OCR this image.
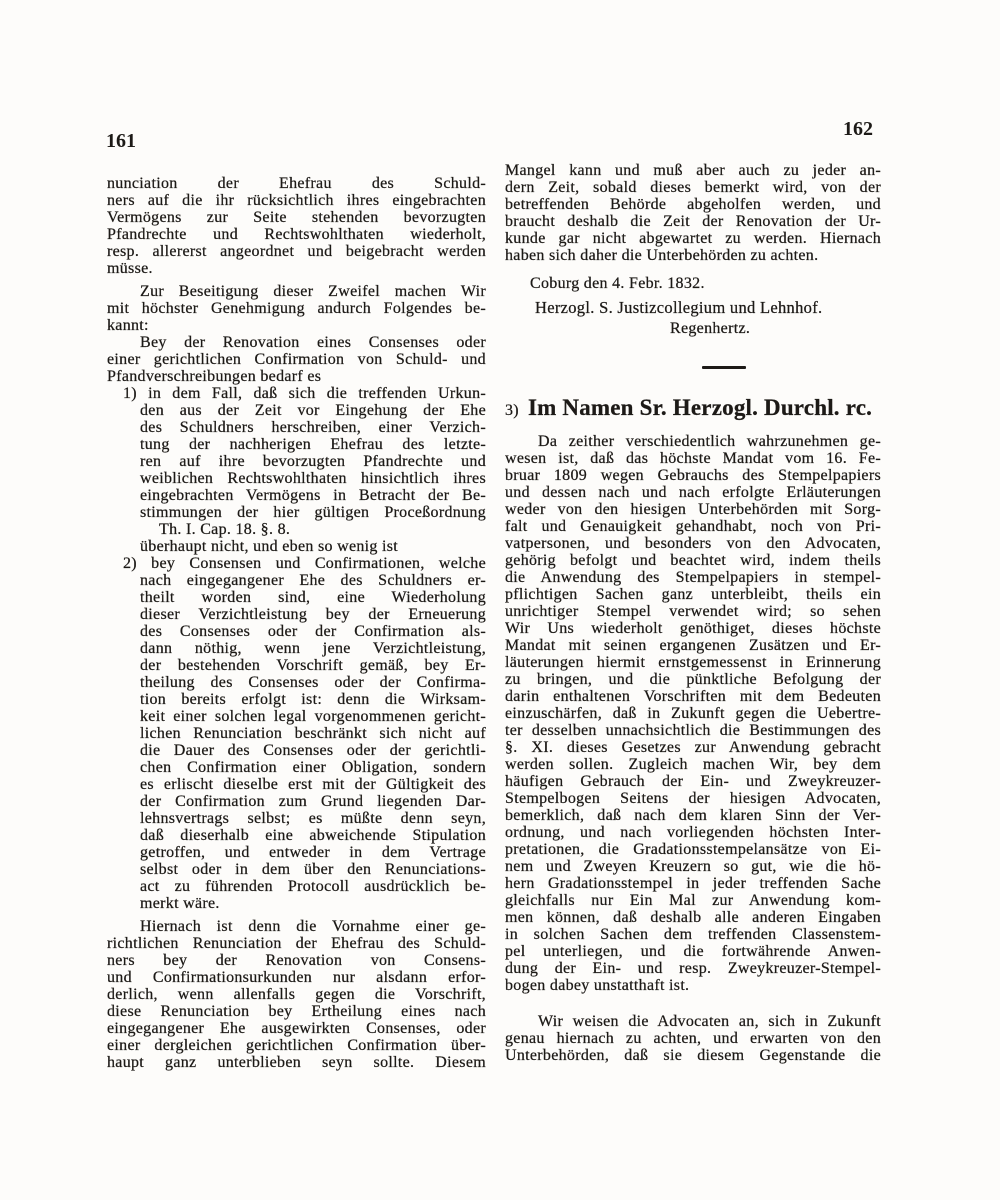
161
162
nunciation der Ehefrau des Schuld-
ners auf die ihr rücksichtlich ihres eingebrachten
Vermögens zur Seite stehenden bevorzugten
Pfandrechte und Rechtswohlthaten wiederholt,
resp. allererst angeordnet und beigebracht werden
müsse.
Zur Beseitigung dieser Zweifel machen Wir
mit höchster Genehmigung andurch Folgendes be-
kannt:
Bey der Renovation eines Consenses oder
einer gerichtlichen Confirmation von Schuld- und
Pfandverschreibungen bedarf es
1) in dem Fall, daß sich die treffenden Urkun-
den aus der Zeit vor Eingehung der Ehe
des Schuldners herschreiben, einer Verzich-
tung der nachherigen Ehefrau des letzte-
ren auf ihre bevorzugten Pfandrechte und
weiblichen Rechtswohlthaten hinsichtlich ihres
eingebrachten Vermögens in Betracht der Be-
stimmungen der hier gültigen Proceßordnung
Th. I. Cap. 18. §. 8.
überhaupt nicht, und eben so wenig ist
2) bey Consensen und Confirmationen, welche
nach eingegangener Ehe des Schuldners er-
theilt worden sind, eine Wiederholung
dieser Verzichtleistung bey der Erneuerung
des Consenses oder der Confirmation als-
dann nöthig, wenn jene Verzichtleistung,
der bestehenden Vorschrift gemäß, bey Er-
theilung des Consenses oder der Confirma-
tion bereits erfolgt ist: denn die Wirksam-
keit einer solchen legal vorgenommenen gericht-
lichen Renunciation beschränkt sich nicht auf
die Dauer des Consenses oder der gerichtli-
chen Confirmation einer Obligation, sondern
es erlischt dieselbe erst mit der Gültigkeit des
der Confirmation zum Grund liegenden Dar-
lehnsvertrags selbst; es müßte denn seyn,
daß dieserhalb eine abweichende Stipulation
getroffen, und entweder in dem Vertrage
selbst oder in dem über den Renunciations-
act zu führenden Protocoll ausdrücklich be-
merkt wäre.
Hiernach ist denn die Vornahme einer ge-
richtlichen Renunciation der Ehefrau des Schuld-
ners bey der Renovation von Consens-
und Confirmationsurkunden nur alsdann erfor-
derlich, wenn allenfalls gegen die Vorschrift,
diese Renunciation bey Ertheilung eines nach
eingegangener Ehe ausgewirkten Consenses, oder
einer dergleichen gerichtlichen Confirmation über-
haupt ganz unterblieben seyn sollte. Diesem
Mangel kann und muß aber auch zu jeder an-
dern Zeit, sobald dieses bemerkt wird, von der
betreffenden Behörde abgeholfen werden, und
braucht deshalb die Zeit der Renovation der Ur-
kunde gar nicht abgewartet zu werden. Hiernach
haben sich daher die Unterbehörden zu achten.
Coburg den 4. Febr. 1832.
Herzogl. S. Justizcollegium und Lehnhof.
Regenhertz.
3) Im Namen Sr. Herzogl. Durchl. rc.
Da zeither verschiedentlich wahrzunehmen ge-
wesen ist, daß das höchste Mandat vom 16. Fe-
bruar 1809 wegen Gebrauchs des Stempelpapiers
und dessen nach und nach erfolgte Erläuterungen
weder von den hiesigen Unterbehörden mit Sorg-
falt und Genauigkeit gehandhabt, noch von Pri-
vatpersonen, und besonders von den Advocaten,
gehörig befolgt und beachtet wird, indem theils
die Anwendung des Stempelpapiers in stempel-
pflichtigen Sachen ganz unterbleibt, theils ein
unrichtiger Stempel verwendet wird; so sehen
Wir Uns wiederholt genöthiget, dieses höchste
Mandat mit seinen ergangenen Zusätzen und Er-
läuterungen hiermit ernstgemessenst in Erinnerung
zu bringen, und die pünktliche Befolgung der
darin enthaltenen Vorschriften mit dem Bedeuten
einzuschärfen, daß in Zukunft gegen die Uebertre-
ter desselben unnachsichtlich die Bestimmungen des
§. XI. dieses Gesetzes zur Anwendung gebracht
werden sollen. Zugleich machen Wir, bey dem
häufigen Gebrauch der Ein- und Zweykreuzer-
Stempelbogen Seitens der hiesigen Advocaten,
bemerklich, daß nach dem klaren Sinn der Ver-
ordnung, und nach vorliegenden höchsten Inter-
pretationen, die Gradationsstempelansätze von Ei-
nem und Zweyen Kreuzern so gut, wie die hö-
hern Gradationsstempel in jeder treffenden Sache
gleichfalls nur Ein Mal zur Anwendung kom-
men können, daß deshalb alle anderen Eingaben
in solchen Sachen dem treffenden Classenstem-
pel unterliegen, und die fortwährende Anwen-
dung der Ein- und resp. Zweykreuzer-Stempel-
bogen dabey unstatthaft ist.
Wir weisen die Advocaten an, sich in Zukunft
genau hiernach zu achten, und erwarten von den
Unterbehörden, daß sie diesem Gegenstande die
